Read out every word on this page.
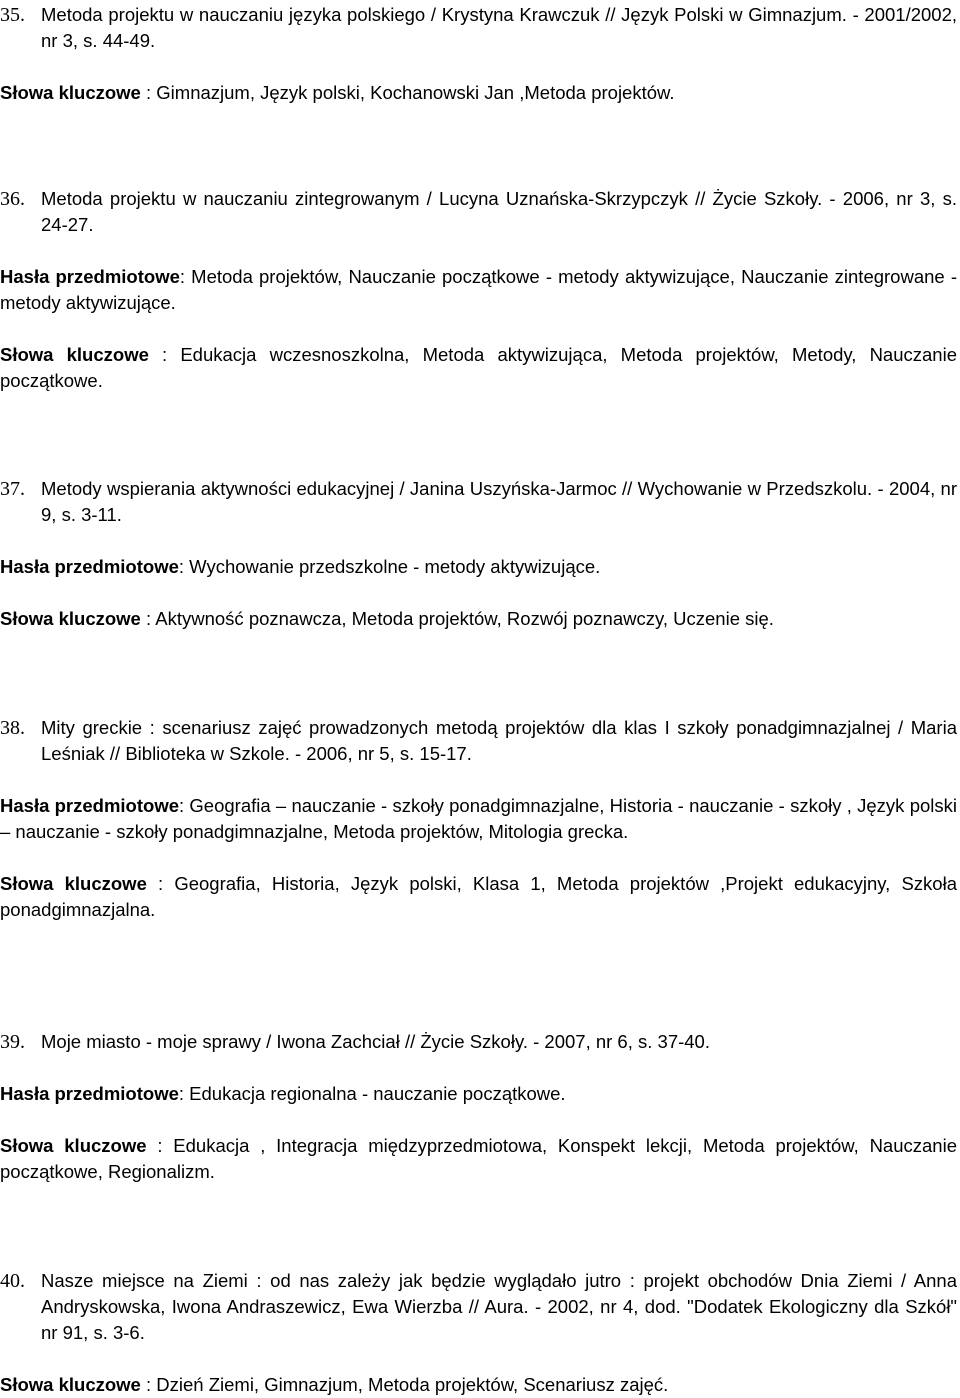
35. Metoda projektu w nauczaniu języka polskiego / Krystyna Krawczuk // Język Polski w Gimnazjum. - 2001/2002, nr 3, s. 44-49.
Słowa kluczowe : Gimnazjum, Język polski, Kochanowski Jan ,Metoda projektów.
36. Metoda projektu w nauczaniu zintegrowanym / Lucyna Uznańska-Skrzypczyk // Życie Szkoły. - 2006, nr 3, s. 24-27.
Hasła przedmiotowe: Metoda projektów, Nauczanie początkowe - metody aktywizujące, Nauczanie zintegrowane - metody aktywizujące.
Słowa kluczowe : Edukacja wczesnoszkolna, Metoda aktywizująca, Metoda projektów, Metody, Nauczanie początkowe.
37. Metody wspierania aktywności edukacyjnej / Janina Uszyńska-Jarmoc // Wychowanie w Przedszkolu. - 2004, nr 9, s. 3-11.
Hasła przedmiotowe: Wychowanie przedszkolne - metody aktywizujące.
Słowa kluczowe : Aktywność poznawcza, Metoda projektów, Rozwój poznawczy, Uczenie się.
38. Mity greckie : scenariusz zajęć prowadzonych metodą projektów dla klas I szkoły ponadgimnazjalnej / Maria Leśniak // Biblioteka w Szkole. - 2006, nr 5, s. 15-17.
Hasła przedmiotowe: Geografia – nauczanie - szkoły ponadgimnazjalne, Historia - nauczanie - szkoły , Język polski – nauczanie - szkoły ponadgimnazjalne, Metoda projektów, Mitologia grecka.
Słowa kluczowe : Geografia, Historia, Język polski, Klasa 1, Metoda projektów ,Projekt edukacyjny, Szkoła ponadgimnazjalna.
39. Moje miasto - moje sprawy / Iwona Zachciał // Życie Szkoły. - 2007, nr 6, s. 37-40.
Hasła przedmiotowe: Edukacja regionalna - nauczanie początkowe.
Słowa kluczowe : Edukacja , Integracja międzyprzedmiotowa, Konspekt lekcji, Metoda projektów, Nauczanie początkowe, Regionalizm.
40. Nasze miejsce na Ziemi : od nas zależy jak będzie wyglądało jutro : projekt obchodów Dnia Ziemi / Anna Andryskowska, Iwona Andraszewicz, Ewa Wierzba // Aura. - 2002, nr 4, dod. "Dodatek Ekologiczny dla Szkół" nr 91, s. 3-6.
Słowa kluczowe : Dzień Ziemi, Gimnazjum, Metoda projektów, Scenariusz zajęć.
